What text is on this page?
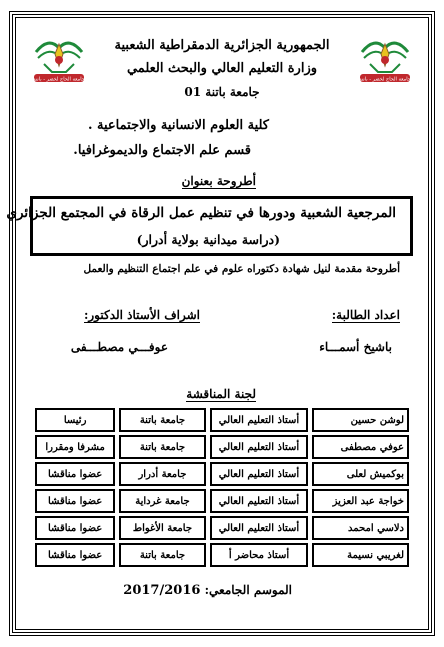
جامعة الحاج لخضر - باتنة	جامعة الحاج لخضر - باتنة
الجمهورية الجزائرية الدمقراطية الشعبية
وزارة التعليم العالي والبحث العلمي
جامعة باتنة 01
كلية العلوم الانسانية والاجتماعية .
قسم علم الاجتماع والديموغرافيا.
أطروحة بعنوان
المرجعية الشعبية ودورها في تنظيم عمل الرقاة في المجتمع الجزائري
(دراسة ميدانية بولاية أدرار)
أطروحة مقدمة لنيل شهادة دكتوراه علوم في علم اجتماع التنظيم والعمل
اعداد الطالبة:
اشراف الأستاذ الدكتور:
باشيخ أسمـــاء
عوفـــي مصطـــفى
لجنة المناقشة
لوشن حسين	أستاذ التعليم العالي	جامعة باتنة	رئيسا
عوفي مصطفى	أستاذ التعليم العالي	جامعة باتنة	مشرفا ومقررا
بوكميش لعلى	أستاذ التعليم العالي	جامعة أدرار	عضوا مناقشا
خواجة عبد العزيز	أستاذ التعليم العالي	جامعة غرداية	عضوا مناقشا
دلاسي امحمد	أستاذ التعليم العالي	جامعة الأغواط	عضوا مناقشا
لغريبي نسيمة	أستاذ محاضر أ	جامعة باتنة	عضوا مناقشا
الموسم الجامعي: 2017/2016
